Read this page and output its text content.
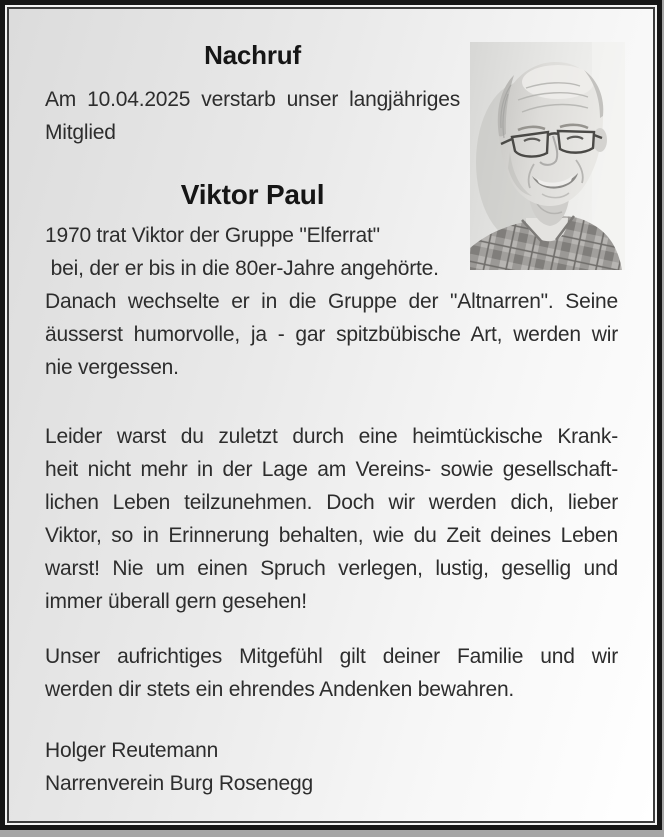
Nachruf
Am 10.04.2025 verstarb unser langjähriges
Mitglied
Viktor Paul
1970 trat Viktor der Gruppe "Elferrat"
bei, der er bis in die 80er-Jahre angehörte.
Danach wechselte er in die Gruppe der "Altnarren". Seine
äusserst humorvolle, ja - gar spitzbübische Art, werden wir
nie vergessen.
Leider warst du zuletzt durch eine heimtückische Krank-
heit nicht mehr in der Lage am Vereins- sowie gesellschaft-
lichen Leben teilzunehmen. Doch wir werden dich, lieber
Viktor, so in Erinnerung behalten, wie du Zeit deines Leben
warst! Nie um einen Spruch verlegen, lustig, gesellig und
immer überall gern gesehen!
Unser aufrichtiges Mitgefühl gilt deiner Familie und wir
werden dir stets ein ehrendes Andenken bewahren.
Holger Reutemann
Narrenverein Burg Rosenegg
